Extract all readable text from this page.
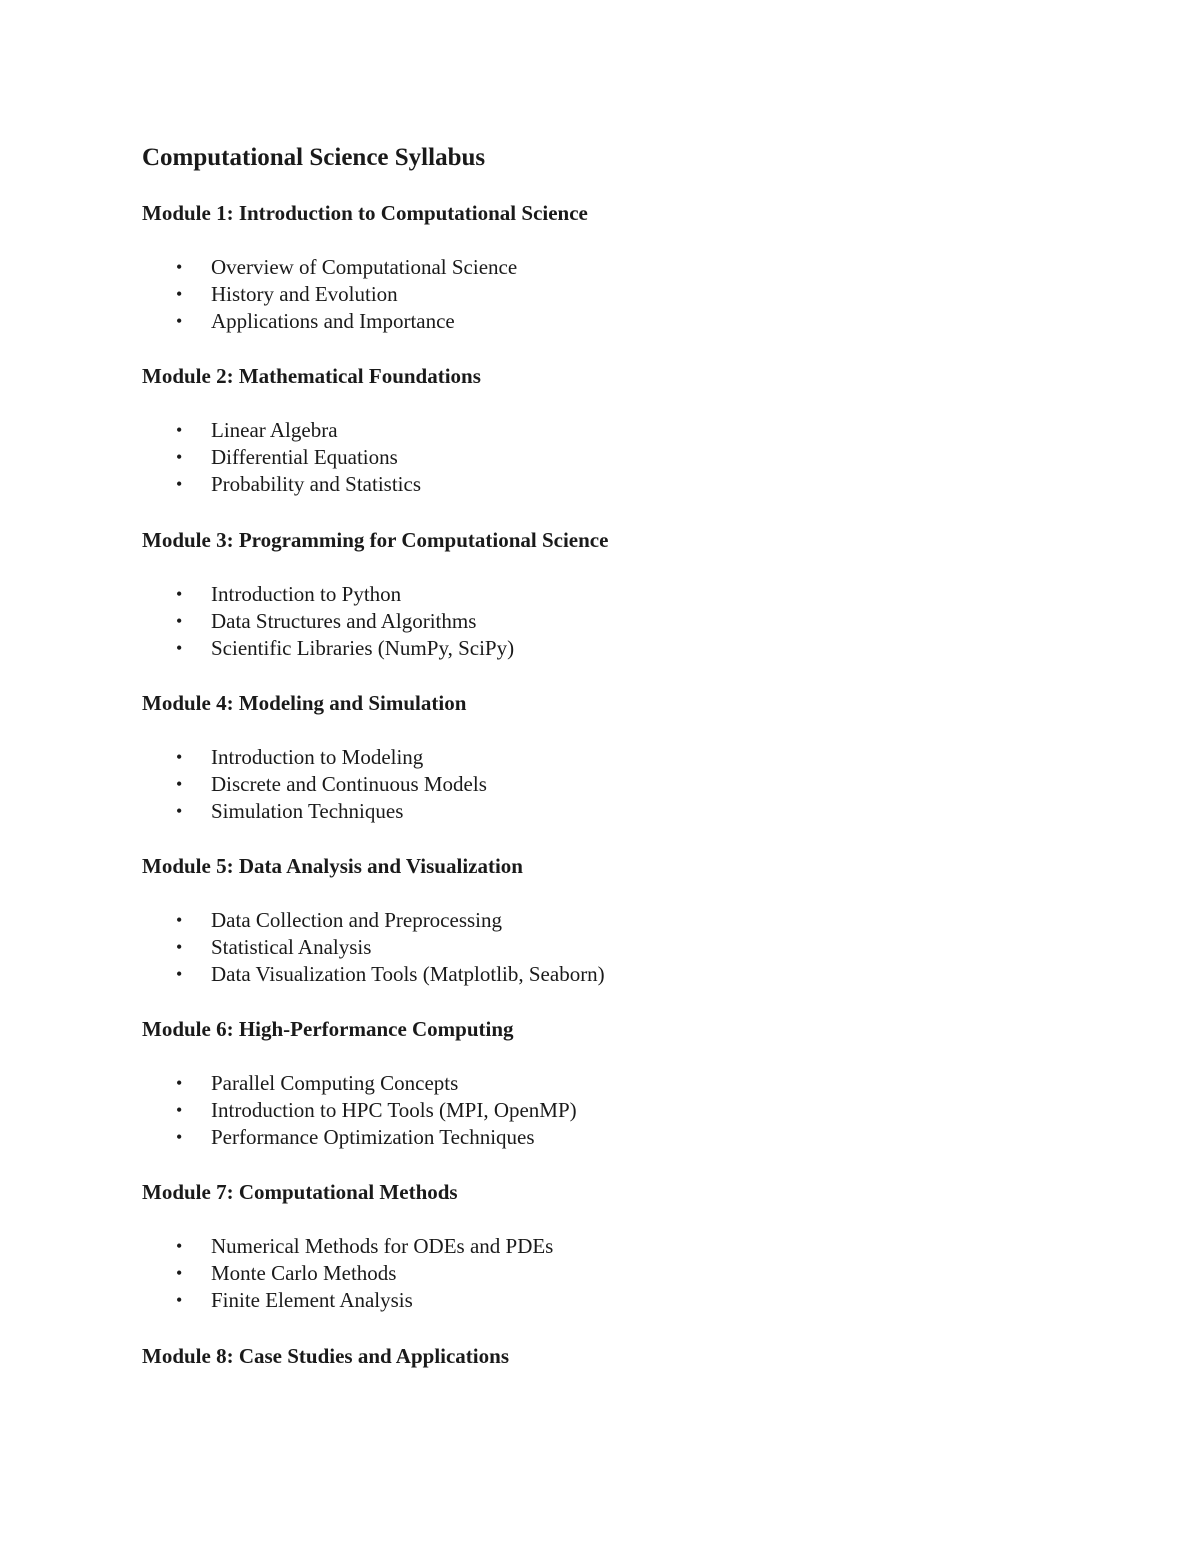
Computational Science Syllabus
Module 1: Introduction to Computational Science
• Overview of Computational Science
• History and Evolution
• Applications and Importance
Module 2: Mathematical Foundations
• Linear Algebra
• Differential Equations
• Probability and Statistics
Module 3: Programming for Computational Science
• Introduction to Python
• Data Structures and Algorithms
• Scientific Libraries (NumPy, SciPy)
Module 4: Modeling and Simulation
• Introduction to Modeling
• Discrete and Continuous Models
• Simulation Techniques
Module 5: Data Analysis and Visualization
• Data Collection and Preprocessing
• Statistical Analysis
• Data Visualization Tools (Matplotlib, Seaborn)
Module 6: High-Performance Computing
• Parallel Computing Concepts
• Introduction to HPC Tools (MPI, OpenMP)
• Performance Optimization Techniques
Module 7: Computational Methods
• Numerical Methods for ODEs and PDEs
• Monte Carlo Methods
• Finite Element Analysis
Module 8: Case Studies and Applications
